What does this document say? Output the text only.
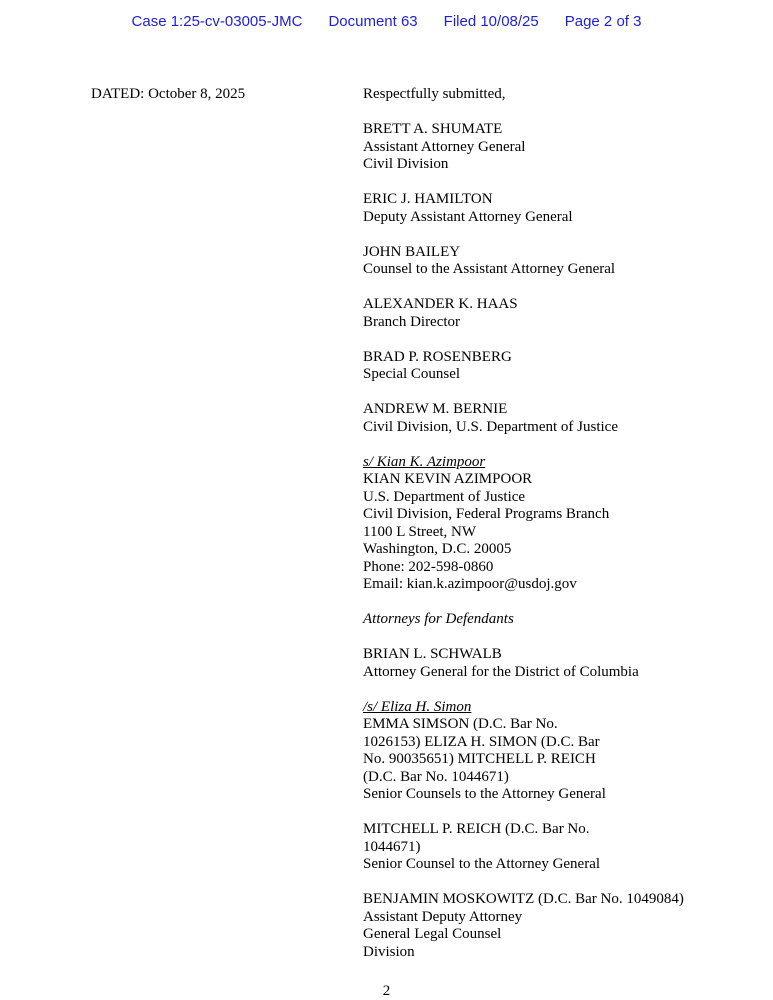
Case 1:25-cv-03005-JMC Document 63 Filed 10/08/25 Page 2 of 3
DATED: October 8, 2025	Respectfully submitted,
BRETT A. SHUMATE
Assistant Attorney General
Civil Division
ERIC J. HAMILTON
Deputy Assistant Attorney General
JOHN BAILEY
Counsel to the Assistant Attorney General
ALEXANDER K. HAAS
Branch Director
BRAD P. ROSENBERG
Special Counsel
ANDREW M. BERNIE
Civil Division, U.S. Department of Justice
s/ Kian K. Azimpoor
KIAN KEVIN AZIMPOOR
U.S. Department of Justice
Civil Division, Federal Programs Branch
1100 L Street, NW
Washington, D.C. 20005
Phone: 202-598-0860
Email: kian.k.azimpoor@usdoj.gov
Attorneys for Defendants
BRIAN L. SCHWALB
Attorney General for the District of Columbia
/s/ Eliza H. Simon
EMMA SIMSON (D.C. Bar No.
1026153) ELIZA H. SIMON (D.C. Bar
No. 90035651) MITCHELL P. REICH
(D.C. Bar No. 1044671)
Senior Counsels to the Attorney General
MITCHELL P. REICH (D.C. Bar No.
1044671)
Senior Counsel to the Attorney General
BENJAMIN MOSKOWITZ (D.C. Bar No. 1049084)
Assistant Deputy Attorney
General Legal Counsel
Division
2
